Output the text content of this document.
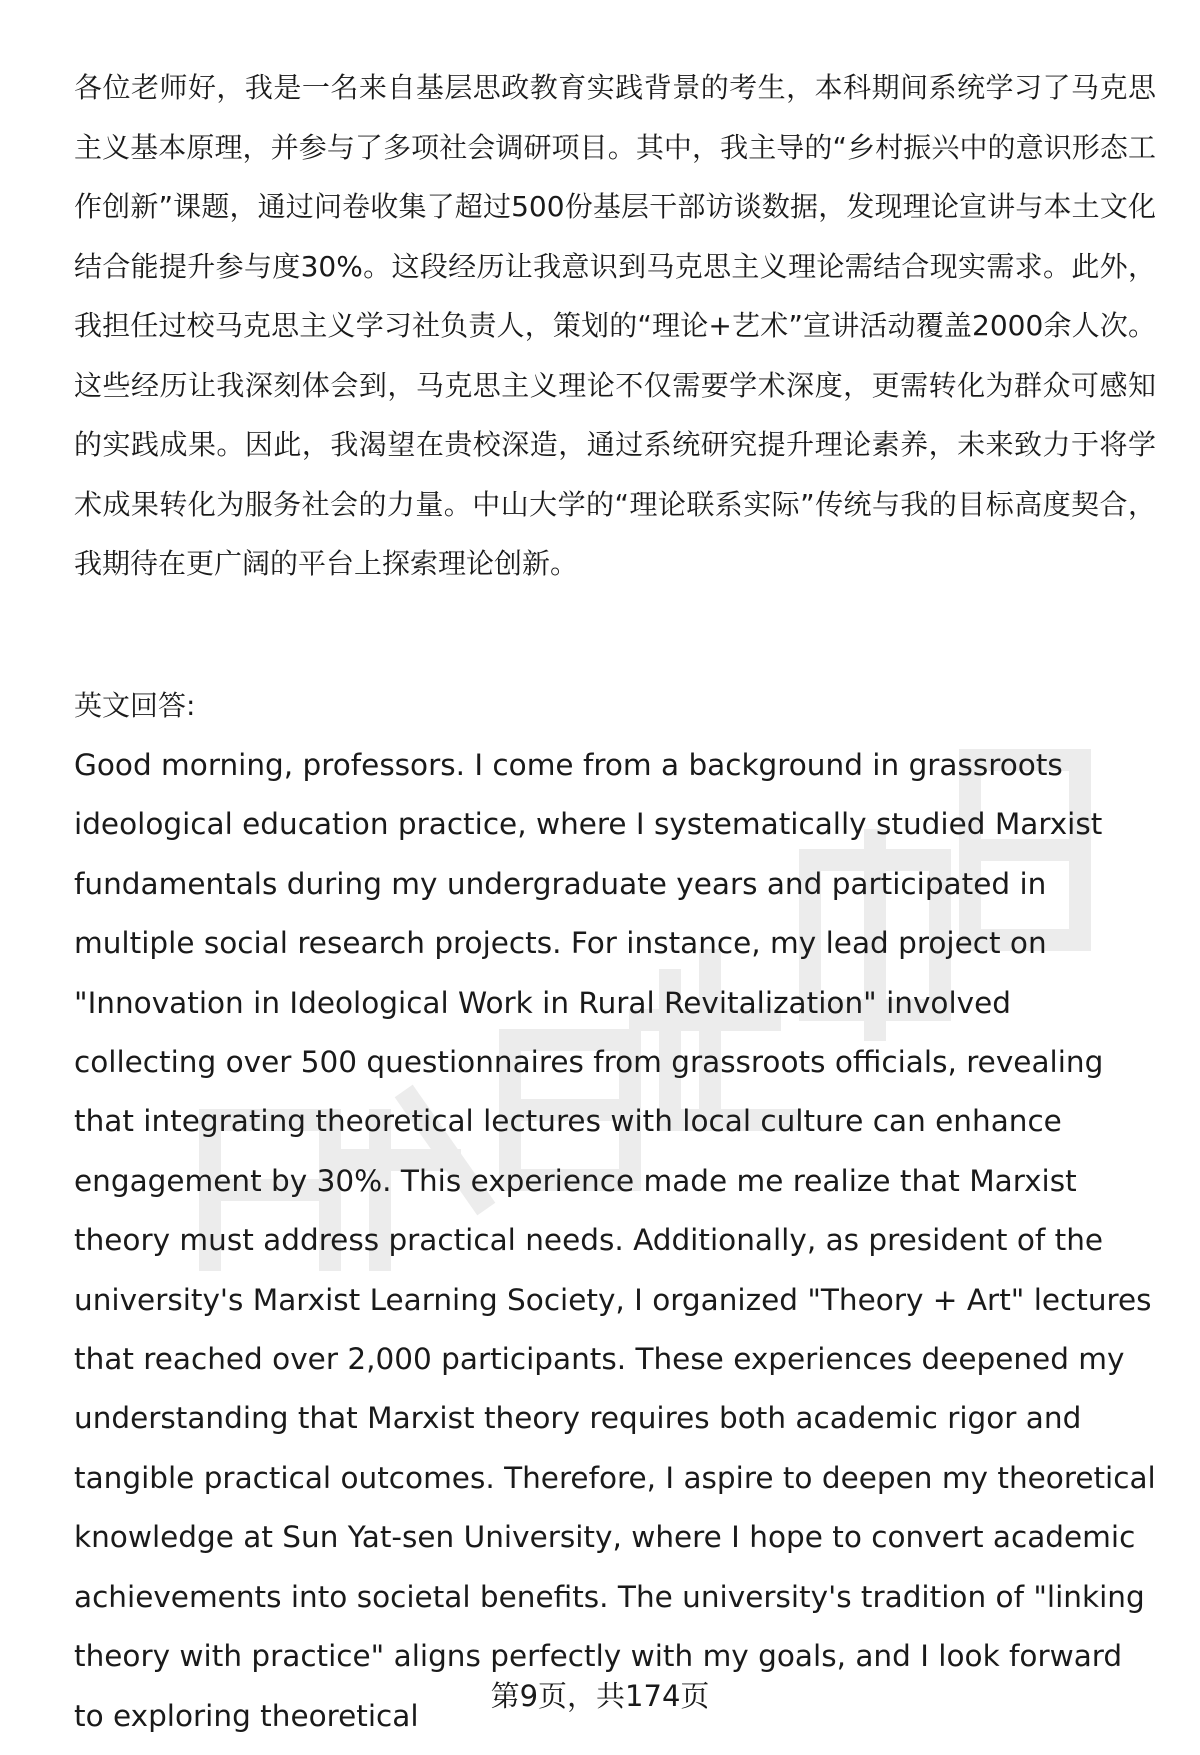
各位老师好，我是一名来自基层思政教育实践背景的考生，本科期间系统学习了马克思主义基本原理，并参与了多项社会调研项目。其中，我主导的“乡村振兴中的意识形态工作创新”课题，通过问卷收集了超过500份基层干部访谈数据，发现理论宣讲与本土文化结合能提升参与度30%。这段经历让我意识到马克思主义理论需结合现实需求。此外，我担任过校马克思主义学习社负责人，策划的“理论+艺术”宣讲活动覆盖2000余人次。这些经历让我深刻体会到，马克思主义理论不仅需要学术深度，更需转化为群众可感知的实践成果。因此，我渴望在贵校深造，通过系统研究提升理论素养，未来致力于将学术成果转化为服务社会的力量。中山大学的“理论联系实际”传统与我的目标高度契合，我期待在更广阔的平台上探索理论创新。

英文回答:

Good morning, professors. I come from a background in grassroots ideological education practice, where I systematically studied Marxist fundamentals during my undergraduate years and participated in multiple social research projects. For instance, my lead project on "Innovation in Ideological Work in Rural Revitalization" involved collecting over 500 questionnaires from grassroots officials, revealing that integrating theoretical lectures with local culture can enhance engagement by 30%. This experience made me realize that Marxist theory must address practical needs. Additionally, as president of the university's Marxist Learning Society, I organized "Theory + Art" lectures that reached over 2,000 participants. These experiences deepened my understanding that Marxist theory requires both academic rigor and tangible practical outcomes. Therefore, I aspire to deepen my theoretical knowledge at Sun Yat-sen University, where I hope to convert academic achievements into societal benefits. The university's tradition of "linking theory with practice" aligns perfectly with my goals, and I look forward to exploring theoretical

第9页，共174页
